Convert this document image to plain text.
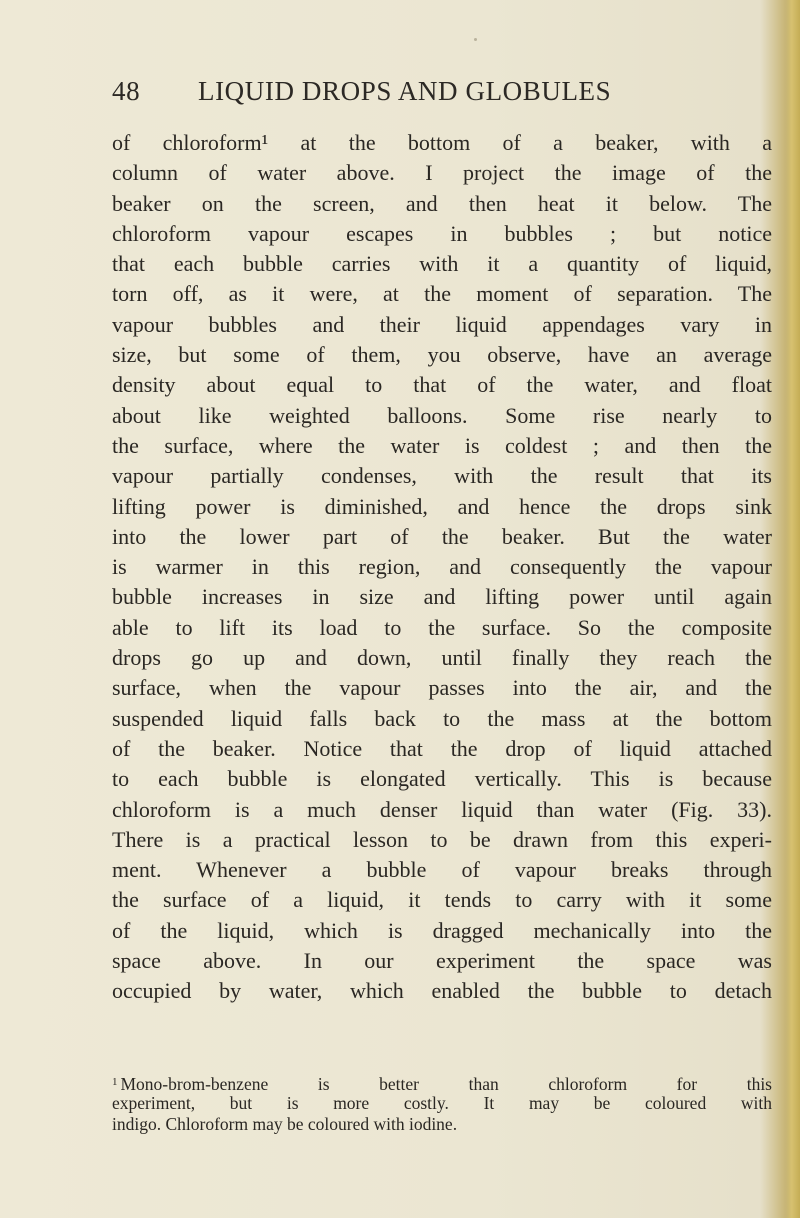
48 LIQUID DROPS AND GLOBULES
of chloroform¹ at the bottom of a beaker, with a
column of water above. I project the image of the
beaker on the screen, and then heat it below. The
chloroform vapour escapes in bubbles ; but notice
that each bubble carries with it a quantity of liquid,
torn off, as it were, at the moment of separation. The
vapour bubbles and their liquid appendages vary in
size, but some of them, you observe, have an average
density about equal to that of the water, and float
about like weighted balloons. Some rise nearly to
the surface, where the water is coldest ; and then the
vapour partially condenses, with the result that its
lifting power is diminished, and hence the drops sink
into the lower part of the beaker. But the water
is warmer in this region, and consequently the vapour
bubble increases in size and lifting power until again
able to lift its load to the surface. So the composite
drops go up and down, until finally they reach the
surface, when the vapour passes into the air, and the
suspended liquid falls back to the mass at the bottom
of the beaker. Notice that the drop of liquid attached
to each bubble is elongated vertically. This is because
chloroform is a much denser liquid than water (Fig. 33).
There is a practical lesson to be drawn from this experi-
ment. Whenever a bubble of vapour breaks through
the surface of a liquid, it tends to carry with it some
of the liquid, which is dragged mechanically into the
space above. In our experiment the space was
occupied by water, which enabled the bubble to detach
$^1$ Mono-brom-benzene is better than chloroform for this
experiment, but is more costly. It may be coloured with
indigo. Chloroform may be coloured with iodine.
